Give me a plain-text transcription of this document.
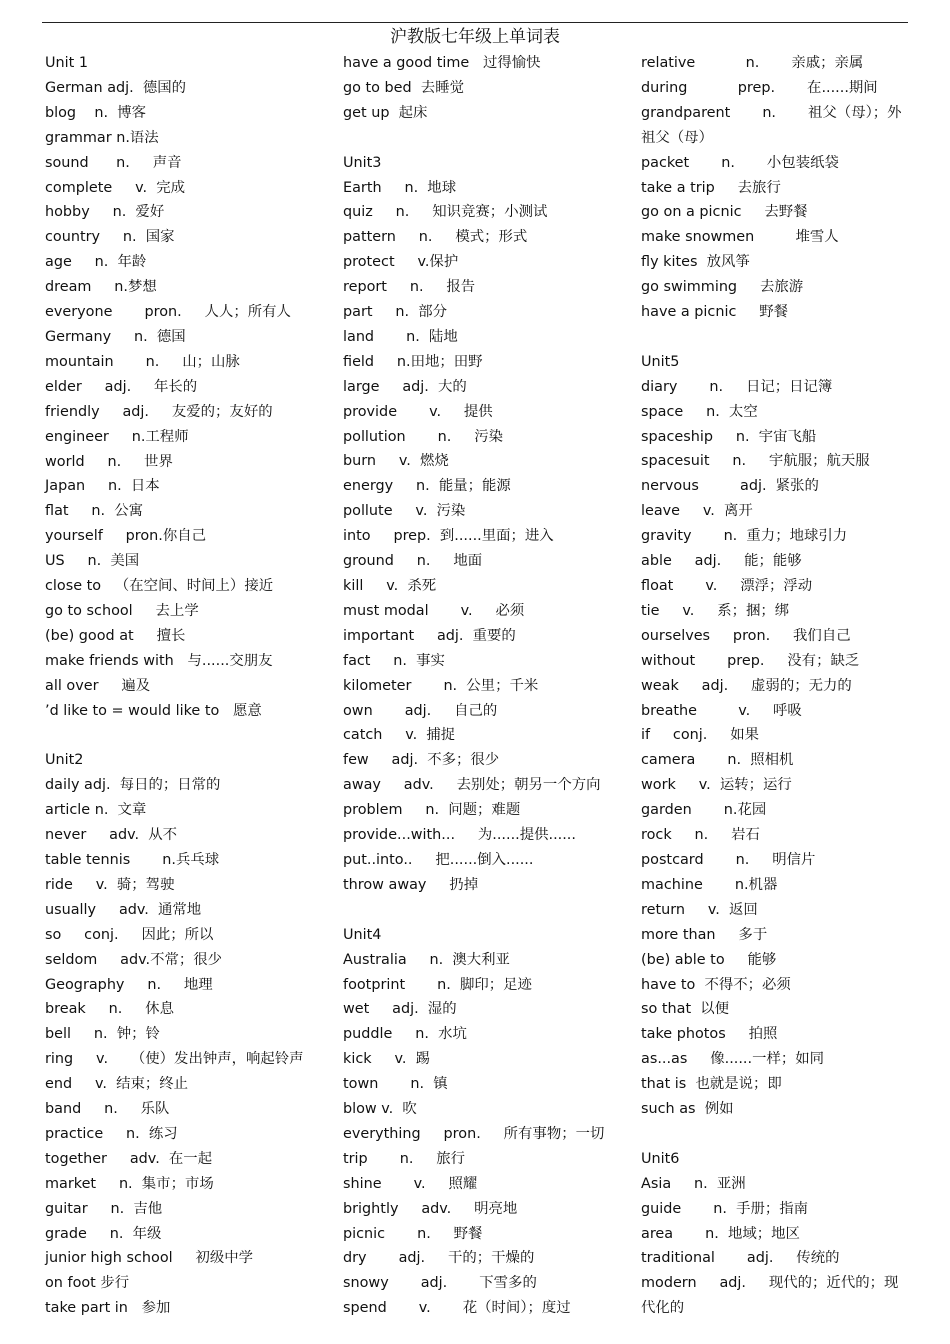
沪教版七年级上单词表
Unit 1
German adj.  德国的
blog    n.  博客
grammar n.语法
sound      n.     声音
complete     v.  完成
hobby     n.  爱好
country     n.  国家
age     n.  年龄
dream     n.梦想
everyone       pron.     人人；所有人
Germany     n.  德国
mountain       n.     山；山脉
elder     adj.     年长的
friendly     adj.     友爱的；友好的
engineer     n.工程师
world     n.     世界
Japan     n.  日本
flat     n.  公寓
yourself     pron.你自己
US     n.  美国
close to   （在空间、时间上）接近
go to school     去上学
(be) good at     擅长
make friends with   与......交朋友
all over     遍及
’d like to = would like to   愿意
Unit2
daily adj.  每日的；日常的
article n.  文章
never     adv.  从不
table tennis       n.兵乓球
ride     v.  骑；驾驶
usually     adv.  通常地
so     conj.     因此；所以
seldom     adv.不常；很少
Geography     n.     地理
break     n.     休息
bell     n.  钟；铃
ring     v.     （使）发出钟声，响起铃声
end     v.  结束；终止
band     n.     乐队
practice     n.  练习
together     adv.  在一起
market     n.  集市；市场
guitar     n.  吉他
grade     n.  年级
junior high school     初级中学
on foot 步行
take part in   参加
have a good time   过得愉快
go to bed  去睡觉
get up  起床
Unit3
Earth     n.  地球
quiz     n.     知识竞赛；小测试
pattern     n.     模式；形式
protect     v.保护
report     n.     报告
part     n.  部分
land       n.  陆地
field     n.田地；田野
large     adj.  大的
provide       v.     提供
pollution       n.     污染
burn     v.  燃烧
energy     n.  能量；能源
pollute     v.  污染
into     prep.  到......里面；进入
ground     n.     地面
kill     v.  杀死
must modal       v.     必须
important     adj.  重要的
fact     n.  事实
kilometer       n.  公里；千米
own       adj.     自己的
catch     v.  捕捉
few     adj.  不多；很少
away     adv.     去别处；朝另一个方向
problem     n.  问题；难题
provide...with...     为......提供......
put..into..     把......倒入......
throw away     扔掉
Unit4
Australia     n.  澳大利亚
footprint       n.  脚印；足迹
wet     adj.  湿的
puddle     n.  水坑
kick     v.  踢
town       n.  镇
blow v.  吹
everything     pron.     所有事物；一切
trip       n.     旅行
shine       v.     照耀
brightly     adv.     明亮地
picnic       n.     野餐
dry       adj.     干的；干燥的
snowy       adj.       下雪多的
spend       v.       花（时间）；度过
relative           n.       亲戚；亲属
during           prep.       在......期间
grandparent       n.       祖父（母）；外祖父（母）
packet       n.       小包装纸袋
take a trip     去旅行
go on a picnic     去野餐
make snowmen         堆雪人
fly kites  放风筝
go swimming     去旅游
have a picnic     野餐
Unit5
diary       n.     日记；日记簿
space     n.  太空
spaceship     n.  宇宙飞船
spacesuit     n.     宇航服；航天服
nervous         adj.  紧张的
leave     v.  离开
gravity       n.  重力；地球引力
able     adj.     能；能够
float       v.     漂浮；浮动
tie     v.     系；捆；绑
ourselves     pron.     我们自己
without       prep.     没有；缺乏
weak     adj.     虚弱的；无力的
breathe         v.     呼吸
if     conj.     如果
camera       n.  照相机
work     v.  运转；运行
garden       n.花园
rock     n.     岩石
postcard       n.     明信片
machine       n.机器
return     v.  返回
more than     多于
(be) able to     能够
have to  不得不；必须
so that  以便
take photos     拍照
as...as     像......一样；如同
that is  也就是说；即
such as  例如
Unit6
Asia     n.  亚洲
guide       n.  手册；指南
area       n.  地域；地区
traditional       adj.     传统的
modern     adj.     现代的；近代的；现代化的
